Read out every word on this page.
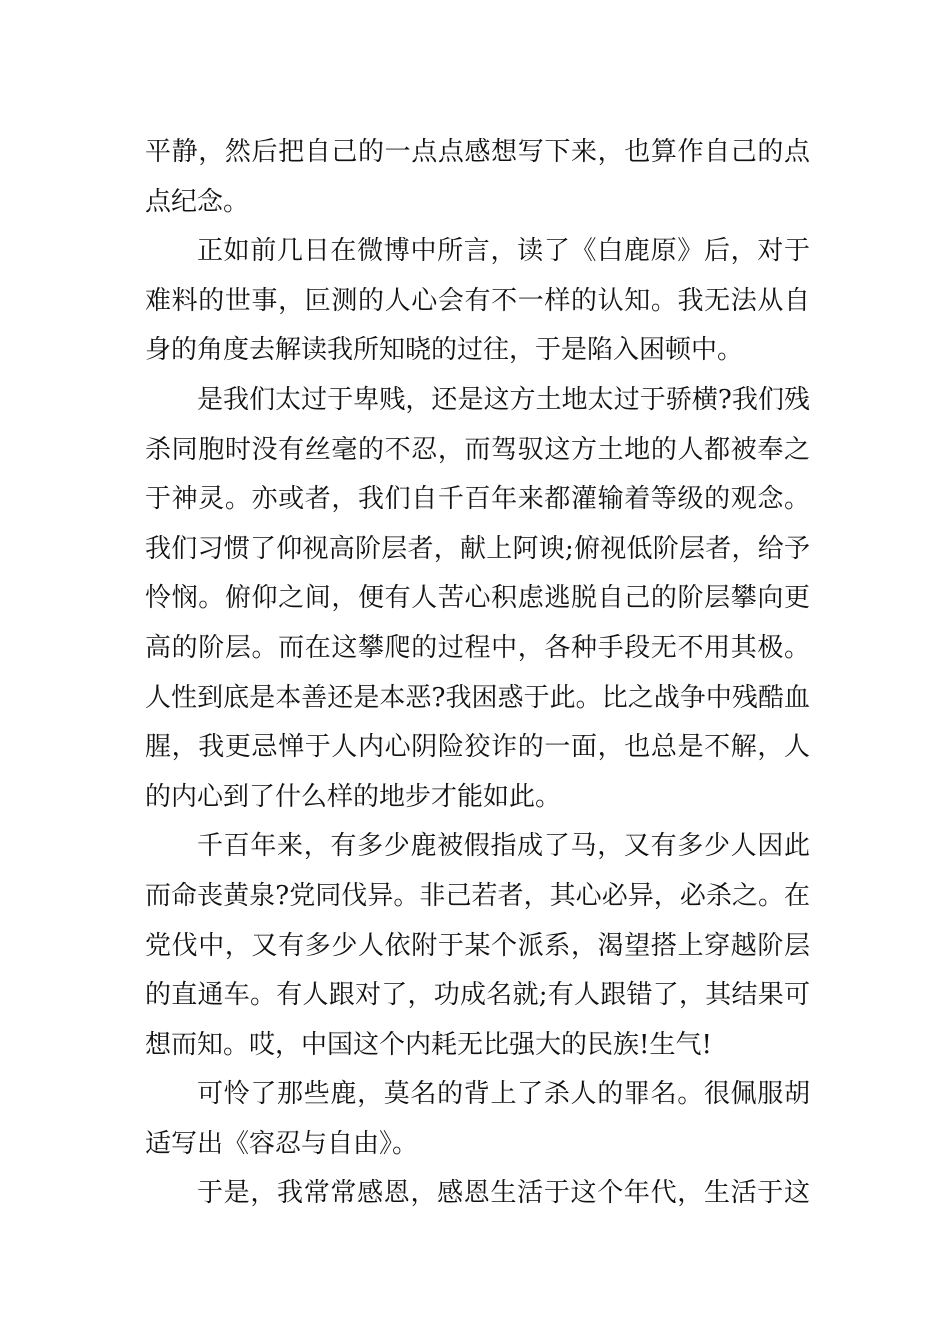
平静，然后把自己的一点点感想写下来，也算作自己的点
点纪念。
正如前几日在微博中所言，读了《白鹿原》后，对于
难料的世事，叵测的人心会有不一样的认知。我无法从自
身的角度去解读我所知晓的过往，于是陷入困顿中。
是我们太过于卑贱，还是这方土地太过于骄横?我们残
杀同胞时没有丝毫的不忍，而驾驭这方土地的人都被奉之
于神灵。亦或者，我们自千百年来都灌输着等级的观念。
我们习惯了仰视高阶层者，献上阿谀;俯视低阶层者，给予
怜悯。俯仰之间，便有人苦心积虑逃脱自己的阶层攀向更
高的阶层。而在这攀爬的过程中，各种手段无不用其极。
人性到底是本善还是本恶?我困惑于此。比之战争中残酷血
腥，我更忌惮于人内心阴险狡诈的一面，也总是不解，人
的内心到了什么样的地步才能如此。
千百年来，有多少鹿被假指成了马，又有多少人因此
而命丧黄泉?党同伐异。非己若者，其心必异，必杀之。在
党伐中，又有多少人依附于某个派系，渴望搭上穿越阶层
的直通车。有人跟对了，功成名就;有人跟错了，其结果可
想而知。哎，中国这个内耗无比强大的民族!生气!
可怜了那些鹿，莫名的背上了杀人的罪名。很佩服胡
适写出《容忍与自由》。
于是，我常常感恩，感恩生活于这个年代，生活于这
